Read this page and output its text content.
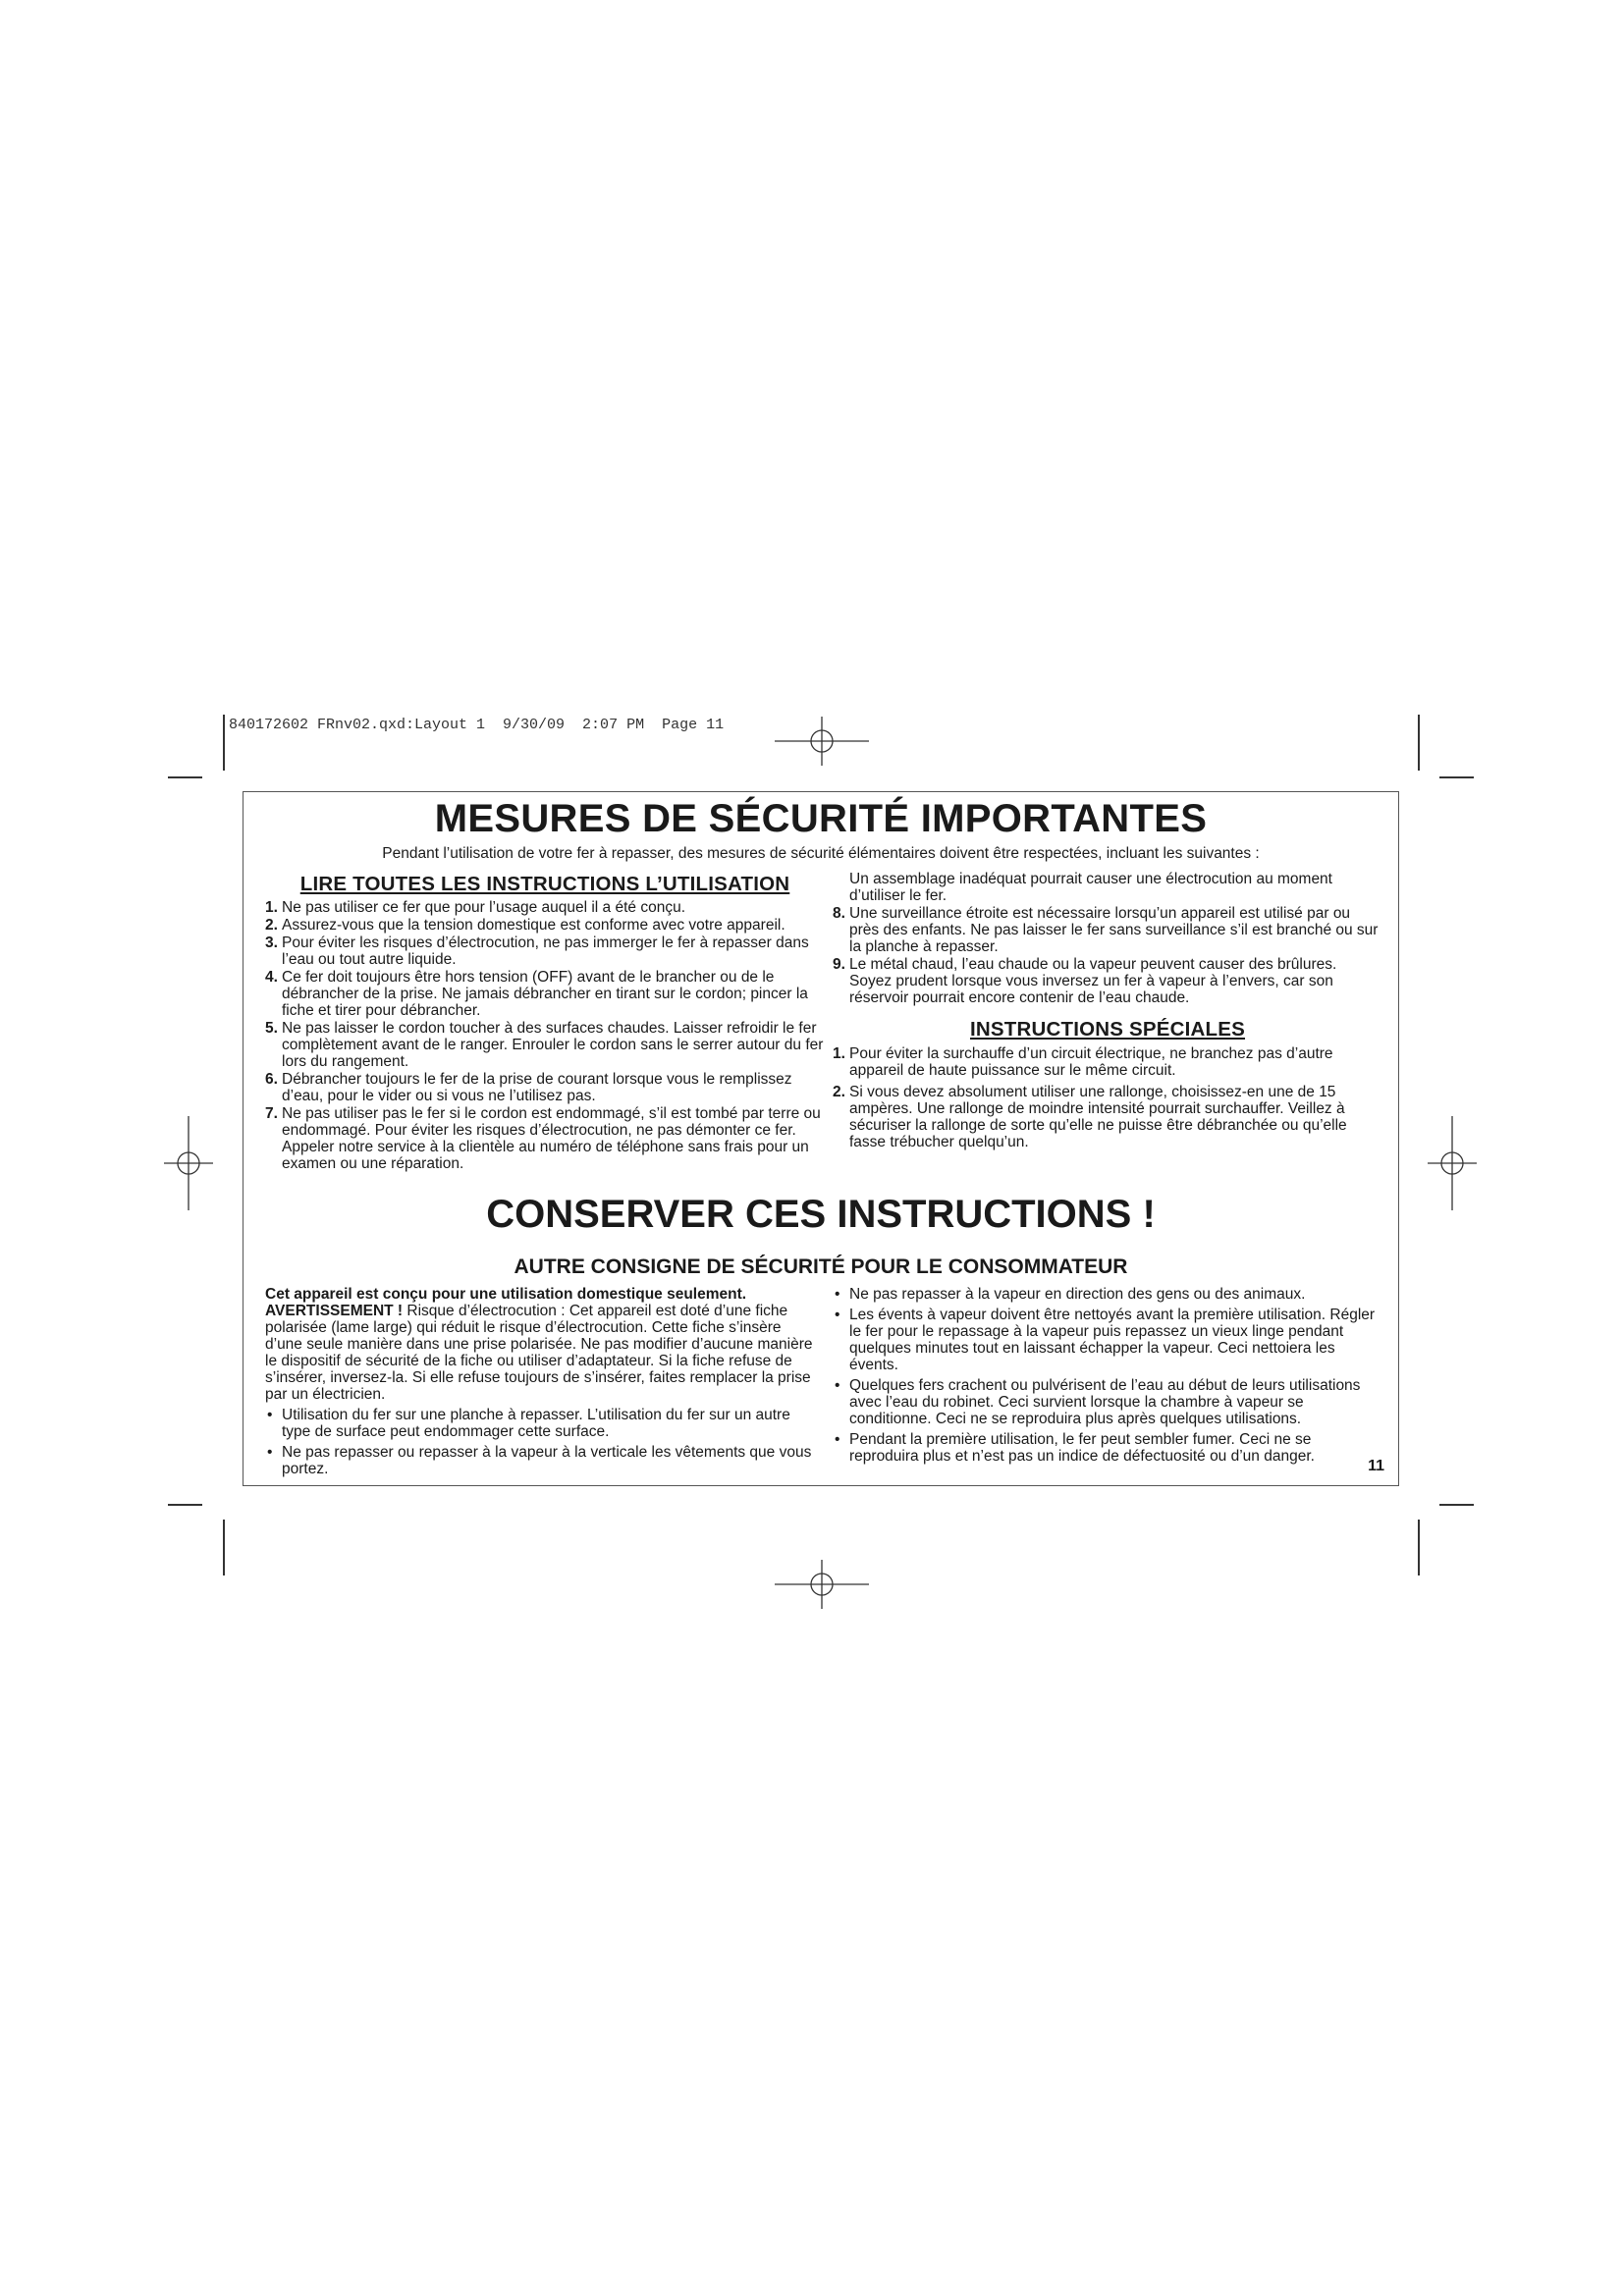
840172602 FRnv02.qxd:Layout 1  9/30/09  2:07 PM  Page 11
MESURES DE SÉCURITÉ IMPORTANTES
Pendant l’utilisation de votre fer à repasser, des mesures de sécurité élémentaires doivent être respectées, incluant les suivantes :
LIRE TOUTES LES INSTRUCTIONS L’UTILISATION
1. Ne pas utiliser ce fer que pour l’usage auquel il a été conçu.
2. Assurez-vous que la tension domestique est conforme avec votre appareil.
3. Pour éviter les risques d’électrocution, ne pas immerger le fer à repasser dans l’eau ou tout autre liquide.
4. Ce fer doit toujours être hors tension (OFF) avant de le brancher ou de le débrancher de la prise. Ne jamais débrancher en tirant sur le cordon; pincer la fiche et tirer pour débrancher.
5. Ne pas laisser le cordon toucher à des surfaces chaudes. Laisser refroidir le fer complètement avant de le ranger. Enrouler le cordon sans le serrer autour du fer lors du rangement.
6. Débrancher toujours le fer de la prise de courant lorsque vous le remplissez d’eau, pour le vider ou si vous ne l’utilisez pas.
7. Ne pas utiliser pas le fer si le cordon est endommagé, s’il est tombé par terre ou endommagé. Pour éviter les risques d’électrocution, ne pas démonter ce fer. Appeler notre service à la clientèle au numéro de téléphone sans frais pour un examen ou une réparation.
Un assemblage inadéquat pourrait causer une électrocution au moment d’utiliser le fer.
8. Une surveillance étroite est nécessaire lorsqu’un appareil est utilisé par ou près des enfants. Ne pas laisser le fer sans surveillance s’il est branché ou sur la planche à repasser.
9. Le métal chaud, l’eau chaude ou la vapeur peuvent causer des brûlures. Soyez prudent lorsque vous inversez un fer à vapeur à l’envers, car son réservoir pourrait encore contenir de l’eau chaude.
INSTRUCTIONS SPÉCIALES
1. Pour éviter la surchauffe d’un circuit électrique, ne branchez pas d’autre appareil de haute puissance sur le même circuit.
2. Si vous devez absolument utiliser une rallonge, choisissez-en une de 15 ampères. Une rallonge de moindre intensité pourrait surchauffer. Veillez à sécuriser la rallonge de sorte qu’elle ne puisse être débranchée ou qu’elle fasse trébucher quelqu’un.
CONSERVER CES INSTRUCTIONS !
AUTRE CONSIGNE DE SÉCURITÉ POUR LE CONSOMMATEUR
Cet appareil est conçu pour une utilisation domestique seulement.
AVERTISSEMENT ! Risque d’électrocution : Cet appareil est doté d’une fiche polarisée (lame large) qui réduit le risque d’électrocution. Cette fiche s’insère d’une seule manière dans une prise polarisée. Ne pas modifier d’aucune manière le dispositif de sécurité de la fiche ou utiliser d’adaptateur. Si la fiche refuse de s’insérer, inversez-la. Si elle refuse toujours de s’insérer, faites remplacer la prise par un électricien.
• Utilisation du fer sur une planche à repasser. L’utilisation du fer sur un autre type de surface peut endommager cette surface.
• Ne pas repasser ou repasser à la vapeur à la verticale les vêtements que vous portez.
• Ne pas repasser à la vapeur en direction des gens ou des animaux.
• Les évents à vapeur doivent être nettoyés avant la première utilisation. Régler le fer pour le repassage à la vapeur puis repassez un vieux linge pendant quelques minutes tout en laissant échapper la vapeur. Ceci nettoiera les évents.
• Quelques fers crachent ou pulvérisent de l’eau au début de leurs utilisations avec l’eau du robinet. Ceci survient lorsque la chambre à vapeur se conditionne. Ceci ne se reproduira plus après quelques utilisations.
• Pendant la première utilisation, le fer peut sembler fumer. Ceci ne se reproduira plus et n’est pas un indice de défectuosité ou d’un danger.
11
